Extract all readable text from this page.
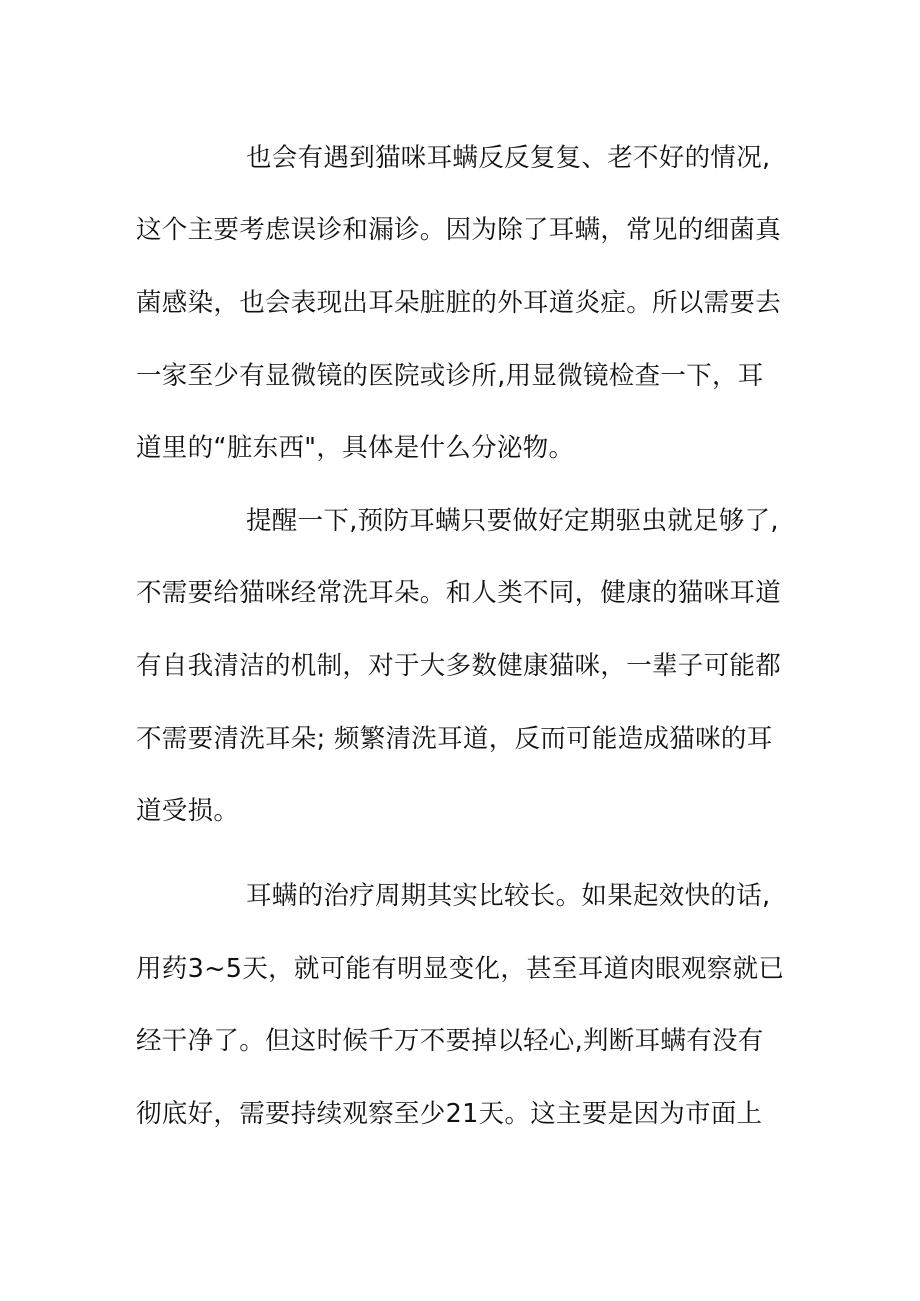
也会有遇到猫咪耳螨反反复复、老不好的情况,
这个主要考虑误诊和漏诊。因为除了耳螨，常见的细菌真
菌感染，也会表现出耳朵脏脏的外耳道炎症。所以需要去
一家至少有显微镜的医院或诊所,用显微镜检查一下，耳
道里的“脏东西"，具体是什么分泌物。
提醒一下,预防耳螨只要做好定期驱虫就足够了,
不需要给猫咪经常洗耳朵。和人类不同，健康的猫咪耳道
有自我清洁的机制，对于大多数健康猫咪，一辈子可能都
不需要清洗耳朵; 频繁清洗耳道，反而可能造成猫咪的耳
道受损。
耳螨的治疗周期其实比较长。如果起效快的话,
用药3~5天，就可能有明显变化，甚至耳道肉眼观察就已
经干净了。但这时候千万不要掉以轻心,判断耳螨有没有
彻底好，需要持续观察至少21天。这主要是因为市面上
